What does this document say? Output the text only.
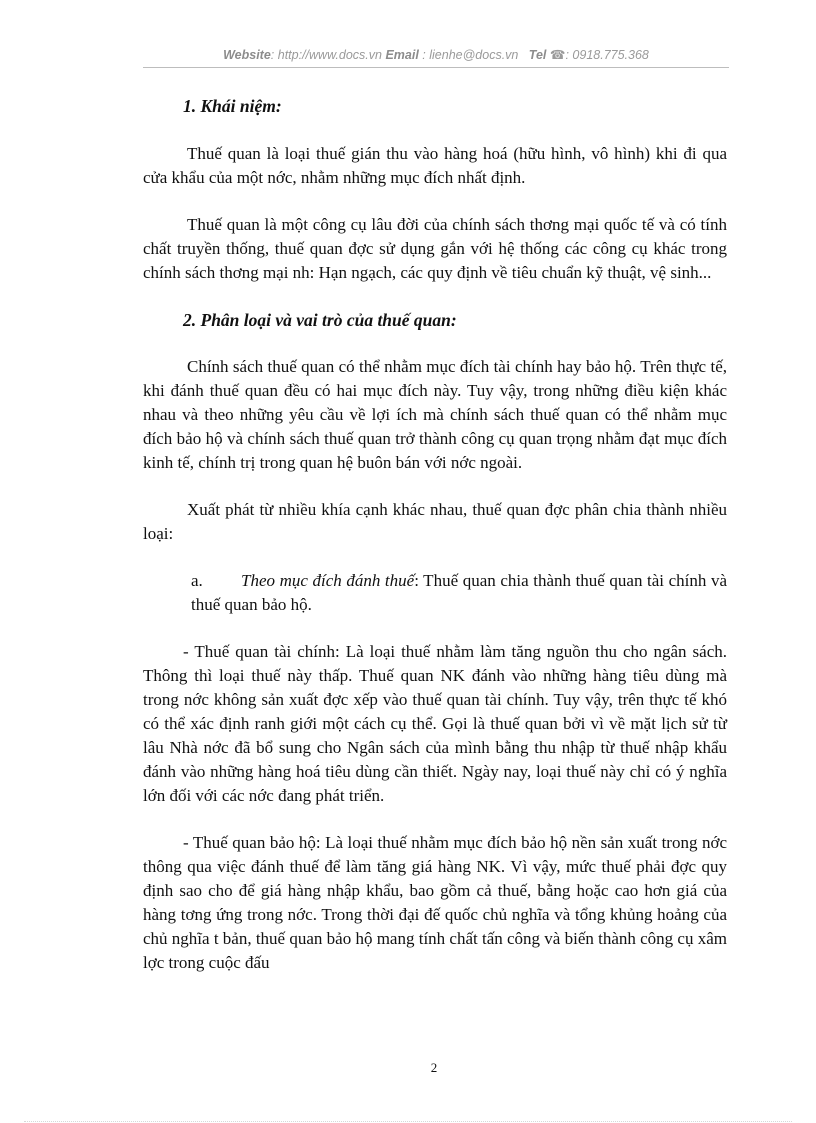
Website: http://www.docs.vn Email : lienhe@docs.vn Tel ☎: 0918.775.368
1. Khái niệm:

Thuế quan là loại thuế gián thu vào hàng hoá (hữu hình, vô hình) khi đi qua cửa khẩu của một nớc, nhằm những mục đích nhất định.

Thuế quan là một công cụ lâu đời của chính sách thơng mại quốc tế và có tính chất truyền thống, thuế quan đợc sử dụng gắn với hệ thống các công cụ khác trong chính sách thơng mại nh: Hạn ngạch, các quy định về tiêu chuẩn kỹ thuật, vệ sinh...

2. Phân loại và vai trò của thuế quan:

Chính sách thuế quan có thể nhằm mục đích tài chính hay bảo hộ. Trên thực tế, khi đánh thuế quan đều có hai mục đích này. Tuy vậy, trong những điều kiện khác nhau và theo những yêu cầu về lợi ích mà chính sách thuế quan có thể nhằm mục đích bảo hộ và chính sách thuế quan trở thành công cụ quan trọng nhằm đạt mục đích kinh tế, chính trị trong quan hệ buôn bán với nớc ngoài.

Xuất phát từ nhiều khía cạnh khác nhau, thuế quan đợc phân chia thành nhiều loại:

a. Theo mục đích đánh thuế: Thuế quan chia thành thuế quan tài chính và thuế quan bảo hộ.

- Thuế quan tài chính: Là loại thuế nhằm làm tăng nguồn thu cho ngân sách. Thông thì loại thuế này thấp. Thuế quan NK đánh vào những hàng tiêu dùng mà trong nớc không sản xuất đợc xếp vào thuế quan tài chính. Tuy vậy, trên thực tế khó có thể xác định ranh giới một cách cụ thể. Gọi là thuế quan bởi vì về mặt lịch sử từ lâu Nhà nớc đã bổ sung cho Ngân sách của mình bằng thu nhập từ thuế nhập khẩu đánh vào những hàng hoá tiêu dùng cần thiết. Ngày nay, loại thuế này chỉ có ý nghĩa lớn đối với các nớc đang phát triển.

- Thuế quan bảo hộ: Là loại thuế nhằm mục đích bảo hộ nền sản xuất trong nớc thông qua việc đánh thuế để làm tăng giá hàng NK. Vì vậy, mức thuế phải đợc quy định sao cho để giá hàng nhập khẩu, bao gồm cả thuế, bằng hoặc cao hơn giá của hàng tơng ứng trong nớc. Trong thời đại đế quốc chủ nghĩa và tổng khủng hoảng của chủ nghĩa t bản, thuế quan bảo hộ mang tính chất tấn công và biến thành công cụ xâm lợc trong cuộc đấu

2
